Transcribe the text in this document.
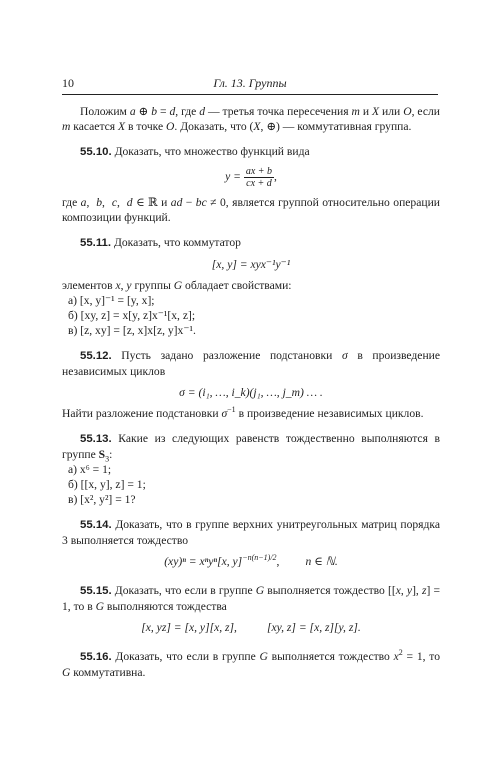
10	Гл. 13. Группы

Положим a ⊕ b = d, где d — третья точка пересечения m и X или O, если m касается X в точке O. Доказать, что (X, ⊕) — коммутативная группа.

55.10. Доказать, что множество функций вида

$y = \frac{ax + b}{cx + d}$ ,

где a,  b,  c,  d ∈ ℝ и ad − bc ≠ 0, является группой относительно операции композиции функций.

55.11. Доказать, что коммутатор

[x, y] = xyx⁻¹y⁻¹

элементов x, y группы G обладает свойствами:

а) [x, y]⁻¹ = [y, x];

б) [xy, z] = x[y, z]x⁻¹[x, z];

в) [z, xy] = [z, x]x[z, y]x⁻¹.

55.12. Пусть задано разложение подстановки σ в произведение независимых циклов

σ = (i₁, …, i_k)(j₁, …, j_m) … .

Найти разложение подстановки $\sigma^{-1}$ в произведение независимых циклов.

55.13. Какие из следующих равенств тождественно выполняются в группе $S_3$:

а) x⁶ = 1;

б) [[x, y], z] = 1;

в) [x², y²] = 1?

55.14. Доказать, что в группе верхних унитреугольных матриц порядка 3 выполняется тождество

(xy)ⁿ = xⁿyⁿ[x, y]$^{-n(n-1)/2}$, n ∈ ℕ.

55.15. Доказать, что если в группе G выполняется тождество [[x, y], z] = 1, то в G выполняются тождества

[x, yz] = [x, y][x, z],	[xy, z] = [x, z][y, z].

55.16. Доказать, что если в группе G выполняется тождество $x^2 = 1$, то G коммутативна.
